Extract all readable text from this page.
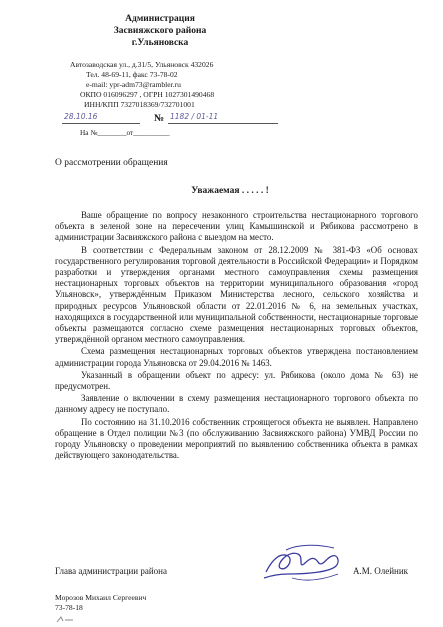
Администрация
Засвияжского района
г.Ульяновска
Автозаводская ул., д.31/5, Ульяновск 432026
Тел. 48-69-11, факс 73-78-02
e-mail: ypr-adm73@rambler.ru
ОКПО 016096297 , ОГРН 1027301490468
ИНН/КПП 7327018369/732701001
28.10.16	№ 1182 / 01-11
На №________от__________
О рассмотрении обращения
Уважаемая . . . . . !

Ваше обращение по вопросу незаконного строительства нестационарного торгового объекта в зеленой зоне на пересечении улиц Камышинской и Рябикова рассмотрено в администрации Засвияжского района с выездом на место.

В соответствии с Федеральным законом от 28.12.2009 № 381-ФЗ «Об основах государственного регулирования торговой деятельности в Российской Федерации» и Порядком разработки и утверждения органами местного самоуправления схемы размещения нестационарных торговых объектов на территории муниципального образования «город Ульяновск», утверждённым Приказом Министерства лесного, сельского хозяйства и природных ресурсов Ульяновской области от 22.01.2016 № 6, на земельных участках, находящихся в государственной или муниципальной собственности, нестационарные торговые объекты размещаются согласно схеме размещения нестационарных торговых объектов, утверждённой органом местного самоуправления.

Схема размещения нестационарных торговых объектов утверждена постановлением администрации города Ульяновска от 29.04.2016 № 1463.

Указанный в обращении объект по адресу: ул. Рябикова (около дома № 63) не предусмотрен.

Заявление о включении в схему размещения нестационарного торгового объекта по данному адресу не поступало.

По состоянию на 31.10.2016 собственник строящегося объекта не выявлен. Направлено обращение в Отдел полиции №3 (по обслуживанию Засвияжского района) УМВД России по городу Ульяновску о проведении мероприятий по выявлению собственника объекта в рамках действующего законодательства.

Глава администрации района	А.М. Олейник
Морозов Михаил Сергеевич
73-78-18
